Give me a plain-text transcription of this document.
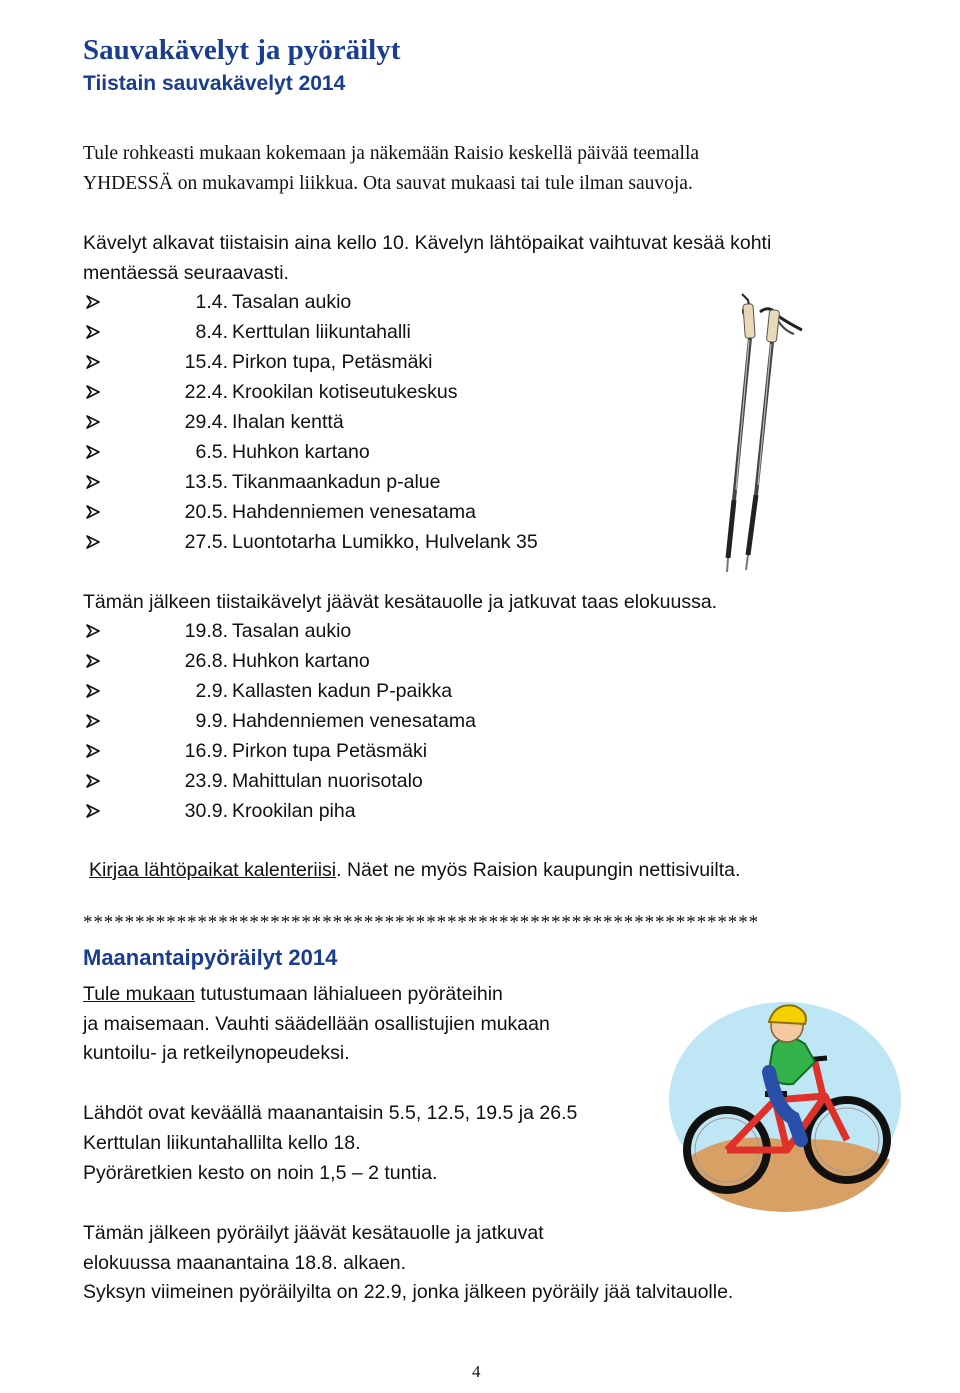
Sauvakävelyt ja pyöräilyt
Tiistain sauvakävelyt 2014

Tule rohkeasti mukaan kokemaan ja näkemään Raisio keskellä päivää teemalla

YHDESSÄ on mukavampi liikkua. Ota sauvat mukaasi tai tule ilman sauvoja.

Kävelyt alkavat tiistaisin aina kello 10. Kävelyn lähtöpaikat vaihtuvat kesää kohti

mentäessä seuraavasti.

1.4. Tasalan aukio
8.4. Kerttulan liikuntahalli
15.4. Pirkon tupa, Petäsmäki
22.4. Krookilan kotiseutukeskus
29.4. Ihalan kenttä
6.5. Huhkon kartano
13.5. Tikanmaankadun p-alue
20.5. Hahdenniemen venesatama
27.5. Luontotarha Lumikko, Hulvelank 35

Tämän jälkeen tiistaikävelyt jäävät kesätauolle ja jatkuvat taas elokuussa.

19.8. Tasalan aukio
26.8. Huhkon kartano
2.9. Kallasten kadun P-paikka
9.9. Hahdenniemen venesatama
16.9. Pirkon tupa Petäsmäki
23.9. Mahittulan nuorisotalo
30.9. Krookilan piha

Kirjaa lähtöpaikat kalenteriisi. Näet ne myös Raision kaupungin nettisivuilta.

*****************************************************************

Maanantaipyöräilyt 2014

Tule mukaan tutustumaan lähialueen pyöräteihin

ja maisemaan. Vauhti säädellään osallistujien mukaan

kuntoilu- ja retkeilynopeudeksi.

Lähdöt ovat keväällä maanantaisin 5.5, 12.5, 19.5 ja 26.5

Kerttulan liikuntahallilta kello 18.

Pyöräretkien kesto on noin 1,5 – 2 tuntia.

Tämän jälkeen pyöräilyt jäävät kesätauolle ja jatkuvat

elokuussa maanantaina 18.8. alkaen.

Syksyn viimeinen pyöräilyilta on 22.9, jonka jälkeen pyöräily jää talvitauolle.

4
